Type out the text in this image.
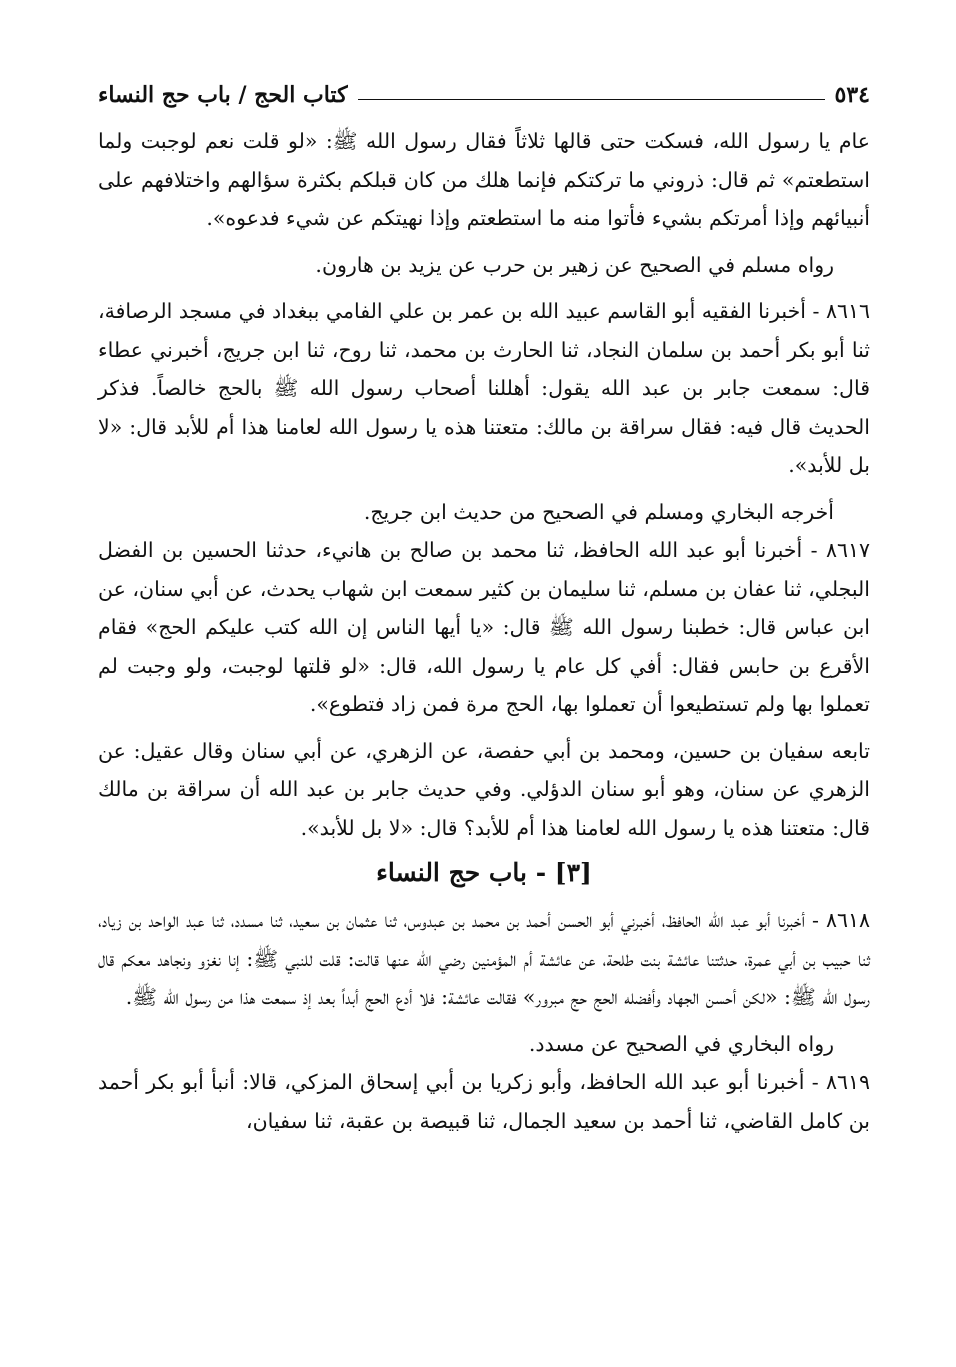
٥٣٤
كتاب الحج / باب حج النساء

عام يا رسول الله، فسكت حتى قالها ثلاثاً فقال رسول الله ﷺ: «لو قلت نعم لوجبت ولما استطعتم» ثم قال: ذروني ما تركتكم فإنما هلك من كان قبلكم بكثرة سؤالهم واختلافهم على أنبيائهم وإذا أمرتكم بشيء فأتوا منه ما استطعتم وإذا نهيتكم عن شيء فدعوه».

رواه مسلم في الصحيح عن زهير بن حرب عن يزيد بن هارون.

٨٦١٦ - أخبرنا الفقيه أبو القاسم عبيد الله بن عمر بن علي الفامي ببغداد في مسجد الرصافة، ثنا أبو بكر أحمد بن سلمان النجاد، ثنا الحارث بن محمد، ثنا روح، ثنا ابن جريج، أخبرني عطاء قال: سمعت جابر بن عبد الله يقول: أهللنا أصحاب رسول الله ﷺ بالحج خالصاً. فذكر الحديث قال فيه: فقال سراقة بن مالك: متعتنا هذه يا رسول الله لعامنا هذا أم للأبد قال: «لا بل للأبد».

أخرجه البخاري ومسلم في الصحيح من حديث ابن جريج.

٨٦١٧ - أخبرنا أبو عبد الله الحافظ، ثنا محمد بن صالح بن هانيء، حدثنا الحسين بن الفضل البجلي، ثنا عفان بن مسلم، ثنا سليمان بن كثير سمعت ابن شهاب يحدث، عن أبي سنان، عن ابن عباس قال: خطبنا رسول الله ﷺ قال: «يا أيها الناس إن الله كتب عليكم الحج» فقام الأقرع بن حابس فقال: أفي كل عام يا رسول الله، قال: «لو قلتها لوجبت، ولو وجبت لم تعملوا بها ولم تستطيعوا أن تعملوا بها، الحج مرة فمن زاد فتطوع».

تابعه سفيان بن حسين، ومحمد بن أبي حفصة، عن الزهري، عن أبي سنان وقال عقيل: عن الزهري عن سنان، وهو أبو سنان الدؤلي. وفي حديث جابر بن عبد الله أن سراقة بن مالك قال: متعتنا هذه يا رسول الله لعامنا هذا أم للأبد؟ قال: «لا بل للأبد».

[٣] - باب حج النساء

٨٦١٨ - أخبرنا أبو عبد الله الحافظ، أخبرني أبو الحسن أحمد بن محمد بن عبدوس، ثنا عثمان بن سعيد، ثنا مسدد، ثنا عبد الواحد بن زياد، ثنا حبيب بن أبي عمرة، حدثتنا عائشة بنت طلحة، عن عائشة أم المؤمنين رضي الله عنها قالت: قلت للنبي ﷺ: إنا نغزو ونجاهد معكم قال رسول الله ﷺ: «لكن أحسن الجهاد وأفضله الحج حج مبرور» فقالت عائشة: فلا أدع الحج أبداً بعد إذ سمعت هذا من رسول الله ﷺ.

رواه البخاري في الصحيح عن مسدد.

٨٦١٩ - أخبرنا أبو عبد الله الحافظ، وأبو زكريا بن أبي إسحاق المزكي، قالا: أنبأ أبو بكر أحمد بن كامل القاضي، ثنا أحمد بن سعيد الجمال، ثنا قبيصة بن عقبة، ثنا سفيان،
